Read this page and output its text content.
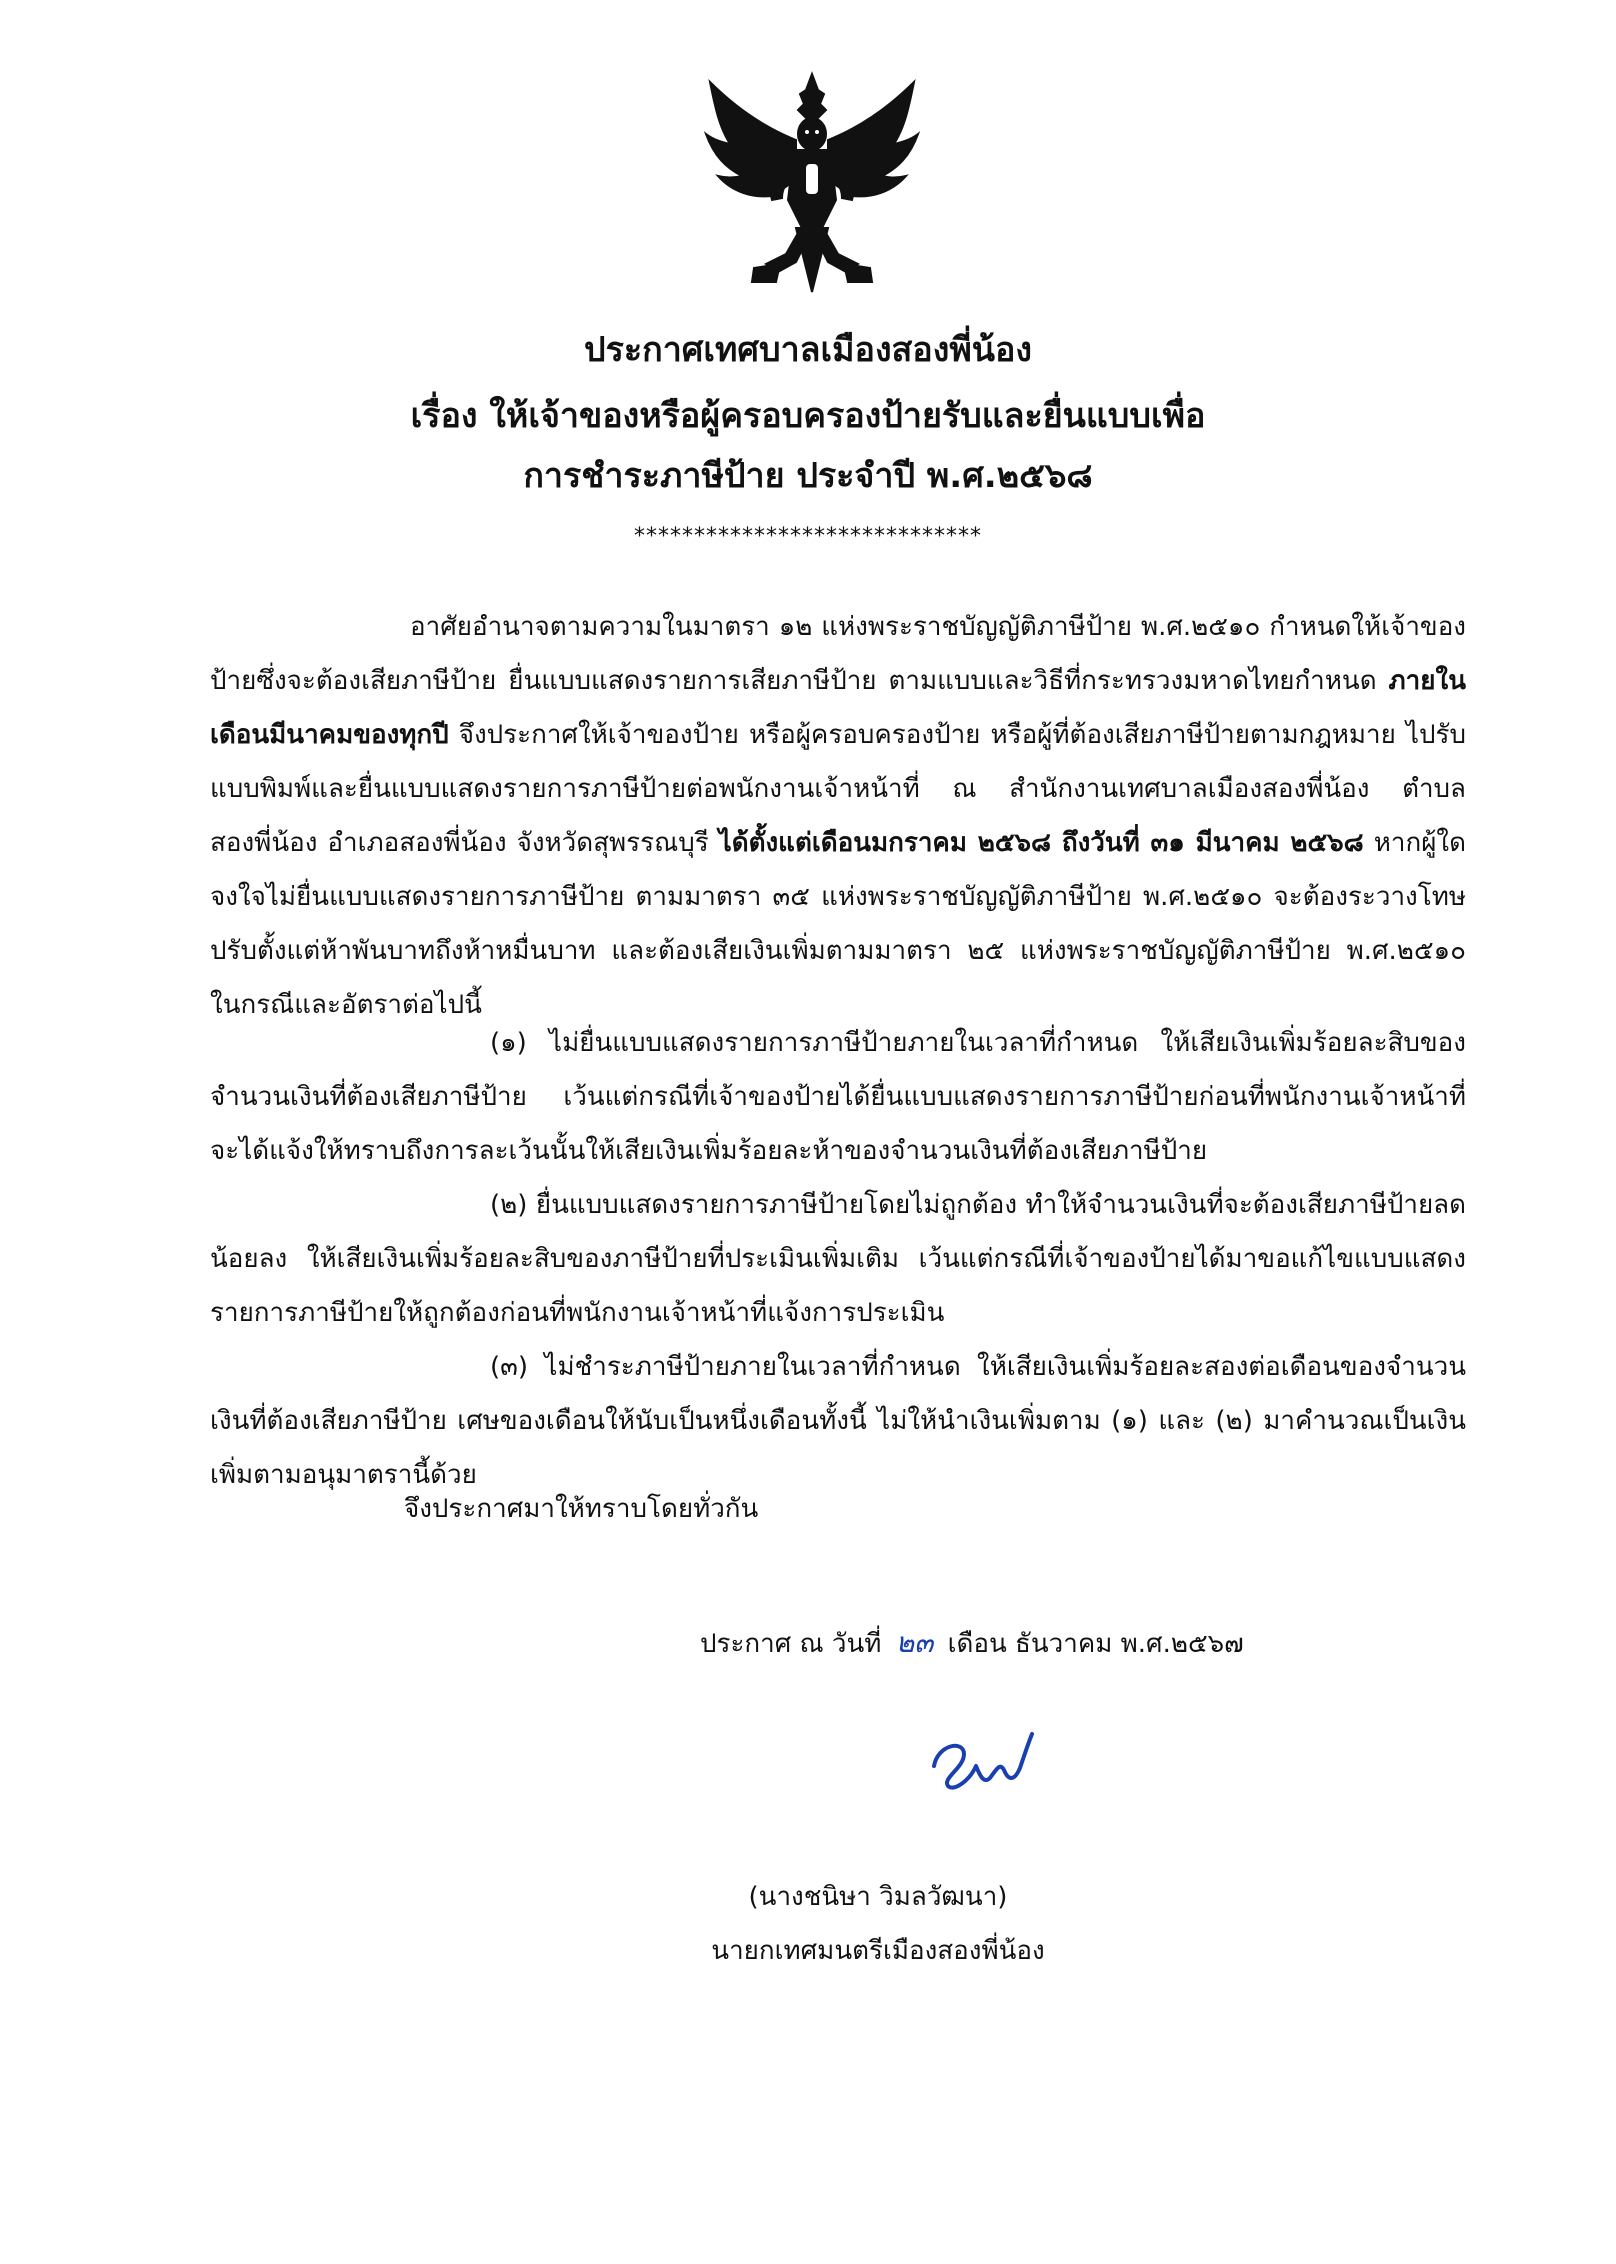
ประกาศเทศบาลเมืองสองพี่น้อง
เรื่อง ให้เจ้าของหรือผู้ครอบครองป้ายรับและยื่นแบบเพื่อ
การชำระภาษีป้าย ประจำปี พ.ศ.๒๕๖๘
*****************************

อาศัยอำนาจตามความในมาตรา ๑๒ แห่งพระราชบัญญัติภาษีป้าย พ.ศ.๒๕๑๐ กำหนดให้เจ้าของป้ายซึ่งจะต้องเสียภาษีป้าย ยื่นแบบแสดงรายการเสียภาษีป้าย ตามแบบและวิธีที่กระทรวงมหาดไทยกำหนด ภายในเดือนมีนาคมของทุกปี จึงประกาศให้เจ้าของป้าย หรือผู้ครอบครองป้าย หรือผู้ที่ต้องเสียภาษีป้ายตามกฎหมาย ไปรับแบบพิมพ์และยื่นแบบแสดงรายการภาษีป้ายต่อพนักงานเจ้าหน้าที่ ณ สำนักงานเทศบาลเมืองสองพี่น้อง ตำบลสองพี่น้อง อำเภอสองพี่น้อง จังหวัดสุพรรณบุรี ได้ตั้งแต่เดือนมกราคม ๒๕๖๘ ถึงวันที่ ๓๑ มีนาคม ๒๕๖๘ หากผู้ใดจงใจไม่ยื่นแบบแสดงรายการภาษีป้าย ตามมาตรา ๓๕ แห่งพระราชบัญญัติภาษีป้าย พ.ศ.๒๕๑๐ จะต้องระวางโทษปรับตั้งแต่ห้าพันบาทถึงห้าหมื่นบาท และต้องเสียเงินเพิ่มตามมาตรา ๒๕ แห่งพระราชบัญญัติภาษีป้าย พ.ศ.๒๕๑๐ ในกรณีและอัตราต่อไปนี้

(๑) ไม่ยื่นแบบแสดงรายการภาษีป้ายภายในเวลาที่กำหนด ให้เสียเงินเพิ่มร้อยละสิบของจำนวนเงินที่ต้องเสียภาษีป้าย เว้นแต่กรณีที่เจ้าของป้ายได้ยื่นแบบแสดงรายการภาษีป้ายก่อนที่พนักงานเจ้าหน้าที่จะได้แจ้งให้ทราบถึงการละเว้นนั้นให้เสียเงินเพิ่มร้อยละห้าของจำนวนเงินที่ต้องเสียภาษีป้าย

(๒) ยื่นแบบแสดงรายการภาษีป้ายโดยไม่ถูกต้อง ทำให้จำนวนเงินที่จะต้องเสียภาษีป้ายลดน้อยลง ให้เสียเงินเพิ่มร้อยละสิบของภาษีป้ายที่ประเมินเพิ่มเติม เว้นแต่กรณีที่เจ้าของป้ายได้มาขอแก้ไขแบบแสดงรายการภาษีป้ายให้ถูกต้องก่อนที่พนักงานเจ้าหน้าที่แจ้งการประเมิน

(๓) ไม่ชำระภาษีป้ายภายในเวลาที่กำหนด ให้เสียเงินเพิ่มร้อยละสองต่อเดือนของจำนวนเงินที่ต้องเสียภาษีป้าย เศษของเดือนให้นับเป็นหนึ่งเดือนทั้งนี้ ไม่ให้นำเงินเพิ่มตาม (๑) และ (๒) มาคำนวณเป็นเงินเพิ่มตามอนุมาตรานี้ด้วย

จึงประกาศมาให้ทราบโดยทั่วกัน
ประกาศ ณ วันที่ ๒๓ เดือน ธันวาคม พ.ศ.๒๕๖๗
(นางชนิษา วิมลวัฒนา)
นายกเทศมนตรีเมืองสองพี่น้อง
